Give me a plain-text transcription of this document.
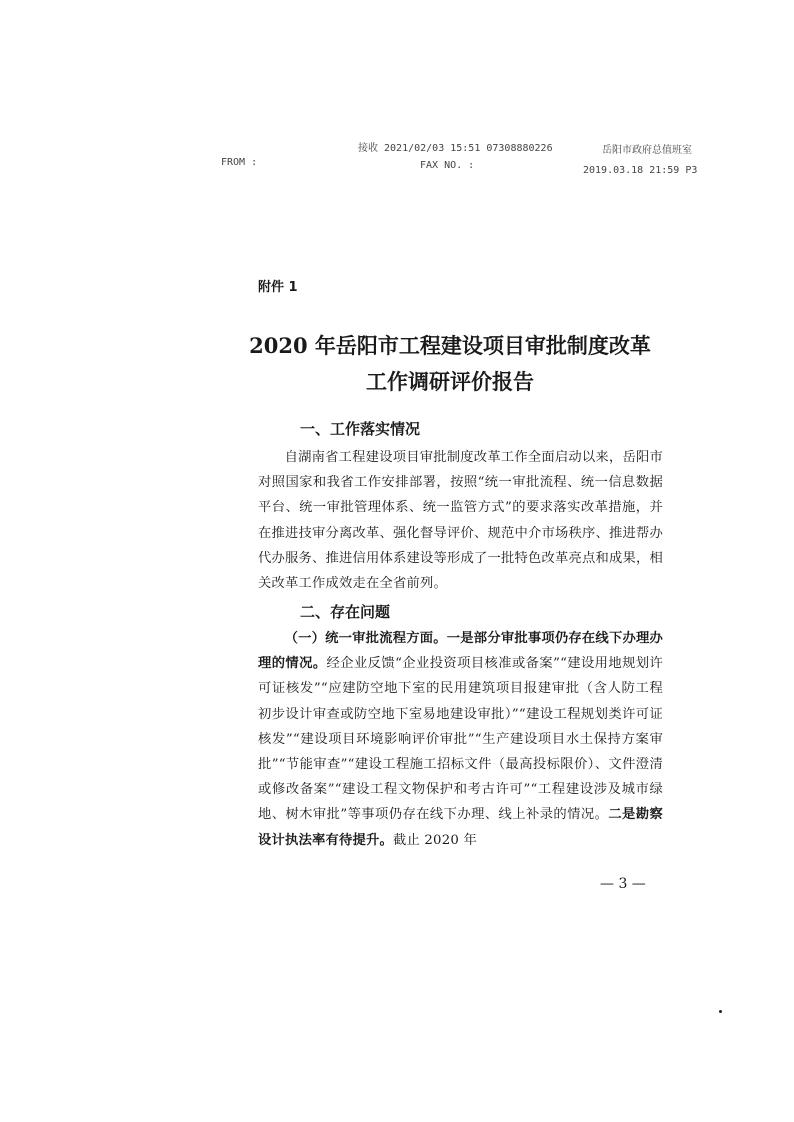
接收 2021/02/03 15:51 07308880226	岳阳市政府总值班室
FROM :	FAX NO. :	2019.03.18 21:59 P3
附件 1
2020 年岳阳市工程建设项目审批制度改革
工作调研评价报告
一、工作落实情况
自湖南省工程建设项目审批制度改革工作全面启动以来，岳阳市对照国家和我省工作安排部署，按照“统一审批流程、统一信息数据平台、统一审批管理体系、统一监管方式”的要求落实改革措施，并在推进技审分离改革、强化督导评价、规范中介市场秩序、推进帮办代办服务、推进信用体系建设等形成了一批特色改革亮点和成果，相关改革工作成效走在全省前列。
二、存在问题
（一）统一审批流程方面。一是部分审批事项仍存在线下办理办理的情况。经企业反馈“企业投资项目核准或备案”“建设用地规划许可证核发”“应建防空地下室的民用建筑项目报建审批（含人防工程初步设计审查或防空地下室易地建设审批）”“建设工程规划类许可证核发”“建设项目环境影响评价审批”“生产建设项目水土保持方案审批”“节能审查”“建设工程施工招标文件（最高投标限价）、文件澄清或修改备案”“建设工程文物保护和考古许可”“工程建设涉及城市绿地、树木审批”等事项仍存在线下办理、线上补录的情况。二是勘察设计执法率有待提升。截止 2020 年
— 3 —
